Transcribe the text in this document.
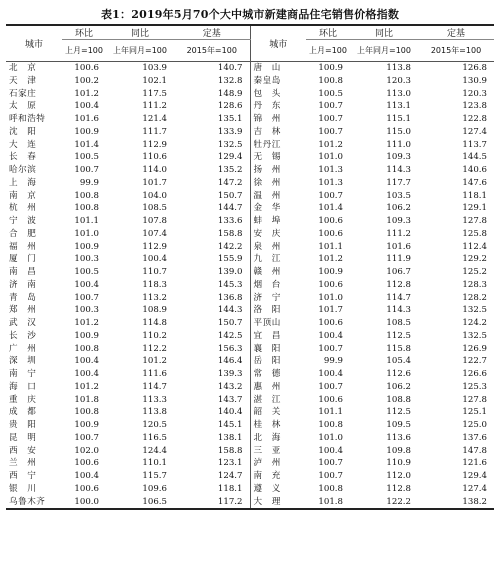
表1：2019年5月70个大中城市新建商品住宅销售价格指数
城市	环比	同比	定基	城市	环比	同比	定基
	上月=100	上年同月=100	2015年=100		上月=100	上年同月=100	2015年=100
北　京	100.6	103.9	140.7	唐　山	100.9	113.8	126.8
天　津	100.2	102.1	132.8	秦皇岛	100.8	120.3	130.9
石家庄	101.2	117.5	148.9	包　头	100.5	113.0	120.3
太　原	100.4	111.2	128.6	丹　东	100.7	113.1	123.8
呼和浩特	101.6	121.4	135.1	锦　州	100.7	115.1	122.8
沈　阳	100.9	111.7	133.9	吉　林	100.7	115.0	127.4
大　连	101.4	112.9	132.5	牡丹江	101.2	111.0	113.7
长　春	100.5	110.6	129.4	无　锡	101.0	109.3	144.5
哈尔滨	100.7	114.0	135.2	扬　州	101.3	114.3	140.6
上　海	99.9	101.7	147.2	徐　州	101.3	117.7	147.6
南　京	100.8	104.0	150.7	温　州	100.7	103.5	118.1
杭　州	100.8	108.5	144.7	金　华	101.4	106.2	129.1
宁　波	101.1	107.8	133.6	蚌　埠	100.6	109.3	127.8
合　肥	101.0	107.4	158.8	安　庆	100.6	111.2	125.8
福　州	100.9	112.9	142.2	泉　州	101.1	101.6	112.4
厦　门	100.3	100.4	155.9	九　江	101.2	111.9	129.2
南　昌	100.5	110.7	139.0	赣　州	100.9	106.7	125.2
济　南	100.4	118.3	145.3	烟　台	100.6	112.8	128.3
青　岛	100.7	113.2	136.8	济　宁	101.0	114.7	128.2
郑　州	100.3	108.9	144.3	洛　阳	101.7	114.3	132.5
武　汉	101.2	114.8	150.7	平顶山	100.6	108.5	124.2
长　沙	100.9	110.2	142.5	宜　昌	100.4	112.5	132.5
广　州	100.8	112.2	156.3	襄　阳	100.7	115.8	126.9
深　圳	100.4	101.2	146.4	岳　阳	99.9	105.4	122.7
南　宁	100.4	111.6	139.3	常　德	100.4	112.6	126.6
海　口	101.2	114.7	143.2	惠　州	100.7	106.2	125.3
重　庆	101.8	113.3	143.7	湛　江	100.6	108.8	127.8
成　都	100.8	113.8	140.4	韶　关	101.1	112.5	125.1
贵　阳	100.9	120.5	145.1	桂　林	100.8	109.5	125.0
昆　明	100.7	116.5	138.1	北　海	101.0	113.6	137.6
西　安	102.0	124.4	158.8	三　亚	100.4	109.8	147.8
兰　州	100.6	110.1	123.1	泸　州	100.7	110.9	121.6
西　宁	100.4	115.7	124.7	南　充	100.7	112.0	129.4
银　川	100.6	109.6	118.1	遵　义	100.8	112.8	127.4
乌鲁木齐	100.0	106.5	117.2	大　理	101.8	122.2	138.2
